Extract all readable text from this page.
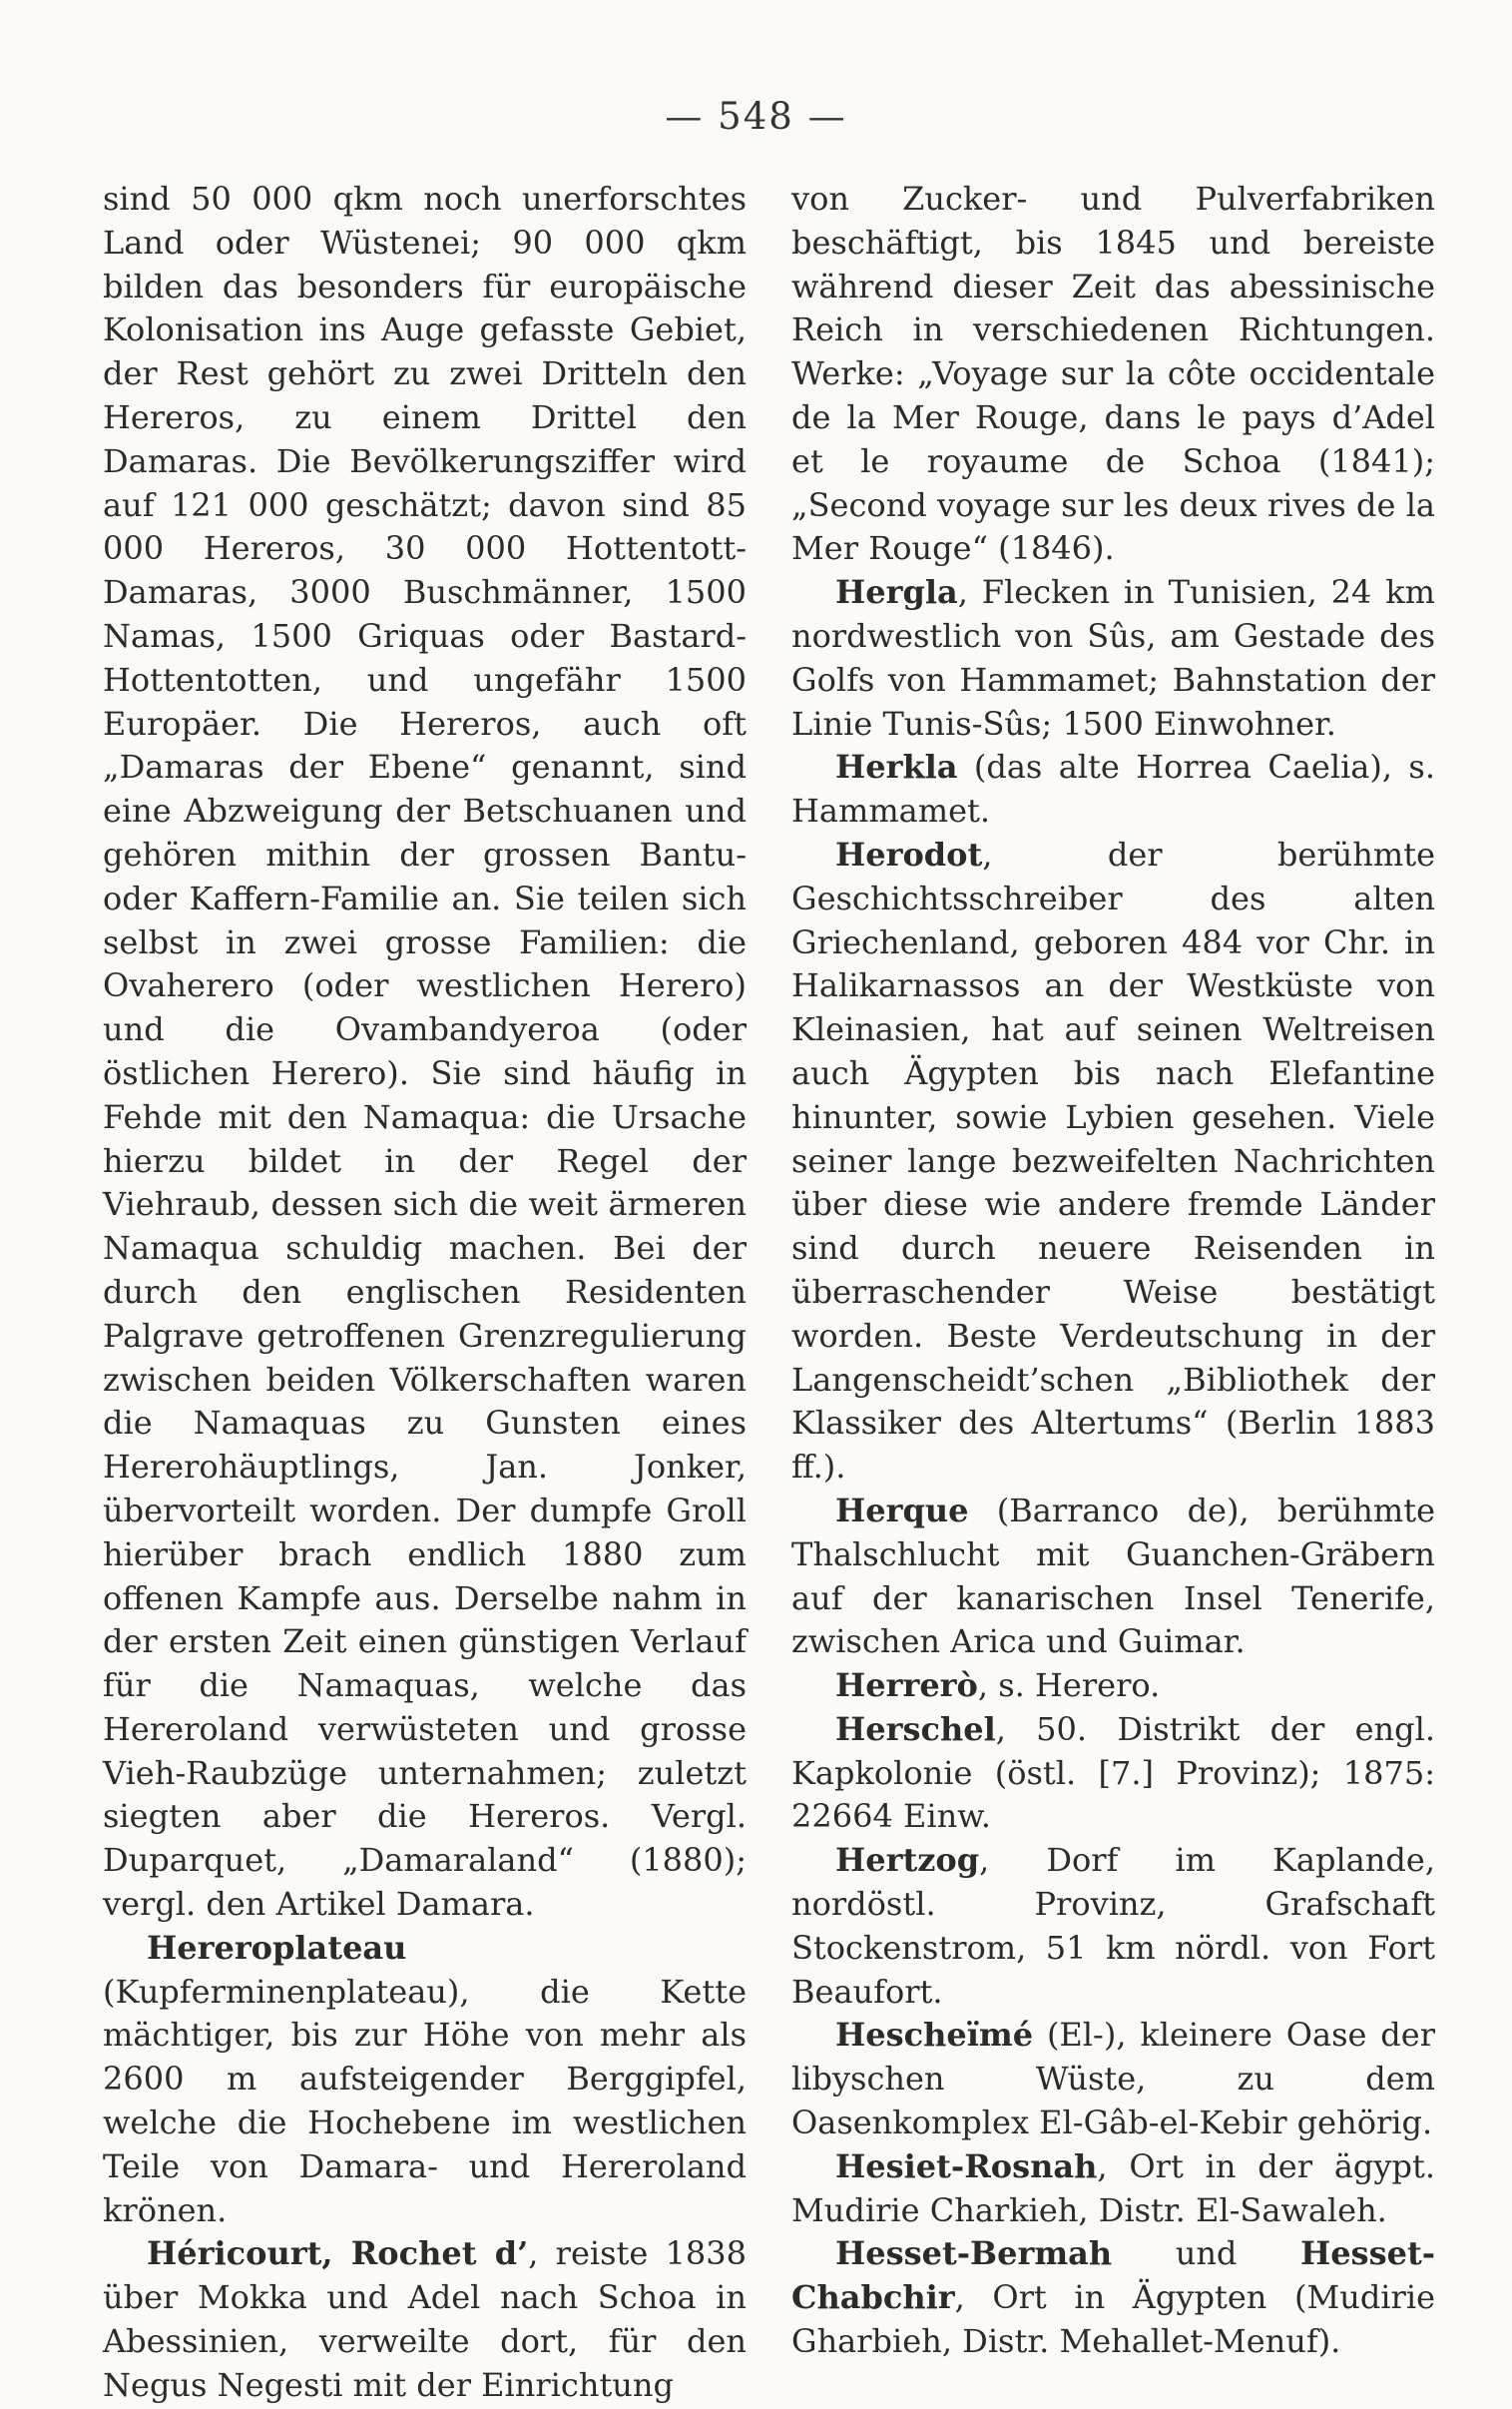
— 548 —

sind 50 000 qkm noch unerforschtes Land oder Wüstenei; 90 000 qkm bilden das besonders für europäische Kolonisation ins Auge gefasste Gebiet, der Rest gehört zu zwei Dritteln den Hereros, zu einem Drittel den Damaras. Die Bevölkerungsziffer wird auf 121 000 geschätzt; davon sind 85 000 Hereros, 30 000 Hottentott-Damaras, 3000 Buschmänner, 1500 Namas, 1500 Griquas oder Bastard-Hottentotten, und ungefähr 1500 Europäer. Die Hereros, auch oft „Damaras der Ebene“ genannt, sind eine Abzweigung der Betschuanen und gehören mithin der grossen Bantu- oder Kaffern-Familie an. Sie teilen sich selbst in zwei grosse Familien: die Ovaherero (oder westlichen Herero) und die Ovambandyeroa (oder östlichen Herero). Sie sind häufig in Fehde mit den Namaqua: die Ursache hierzu bildet in der Regel der Viehraub, dessen sich die weit ärmeren Namaqua schuldig machen. Bei der durch den englischen Residenten Palgrave getroffenen Grenzregulierung zwischen beiden Völkerschaften waren die Namaquas zu Gunsten eines Hererohäuptlings, Jan. Jonker, übervorteilt worden. Der dumpfe Groll hierüber brach endlich 1880 zum offenen Kampfe aus. Derselbe nahm in der ersten Zeit einen günstigen Verlauf für die Namaquas, welche das Hereroland verwüsteten und grosse Vieh-Raubzüge unternahmen; zuletzt siegten aber die Hereros. Vergl. Duparquet, „Damaraland“ (1880); vergl. den Artikel Damara.

Hereroplateau (Kupferminenplateau), die Kette mächtiger, bis zur Höhe von mehr als 2600 m aufsteigender Berggipfel, welche die Hochebene im westlichen Teile von Damara- und Hereroland krönen.

Héricourt, Rochet d’, reiste 1838 über Mokka und Adel nach Schoa in Abessinien, verweilte dort, für den Negus Negesti mit der Einrichtung

von Zucker- und Pulverfabriken beschäftigt, bis 1845 und bereiste während dieser Zeit das abessinische Reich in verschiedenen Richtungen. Werke: „Voyage sur la côte occidentale de la Mer Rouge, dans le pays d’Adel et le royaume de Schoa (1841); „Second voyage sur les deux rives de la Mer Rouge“ (1846).

Hergla, Flecken in Tunisien, 24 km nordwestlich von Sûs, am Gestade des Golfs von Hammamet; Bahnstation der Linie Tunis-Sûs; 1500 Einwohner.

Herkla (das alte Horrea Caelia), s. Hammamet.

Herodot, der berühmte Geschichtsschreiber des alten Griechenland, geboren 484 vor Chr. in Halikarnassos an der Westküste von Kleinasien, hat auf seinen Weltreisen auch Ägypten bis nach Elefantine hinunter, sowie Lybien gesehen. Viele seiner lange bezweifelten Nachrichten über diese wie andere fremde Länder sind durch neuere Reisenden in überraschender Weise bestätigt worden. Beste Verdeutschung in der Langenscheidt’schen „Bibliothek der Klassiker des Altertums“ (Berlin 1883 ff.).

Herque (Barranco de), berühmte Thalschlucht mit Guanchen-Gräbern auf der kanarischen Insel Tenerife, zwischen Arica und Guimar.

Herrerò, s. Herero.

Herschel, 50. Distrikt der engl. Kapkolonie (östl. [7.] Provinz); 1875: 22664 Einw.

Hertzog, Dorf im Kaplande, nordöstl. Provinz, Grafschaft Stockenstrom, 51 km nördl. von Fort Beaufort.

Hescheïmé (El-), kleinere Oase der libyschen Wüste, zu dem Oasenkomplex El-Gâb-el-Kebir gehörig.

Hesiet-Rosnah, Ort in der ägypt. Mudirie Charkieh, Distr. El-Sawaleh.

Hesset-Bermah und Hesset-Chabchir, Ort in Ägypten (Mudirie Gharbieh, Distr. Mehallet-Menuf).
